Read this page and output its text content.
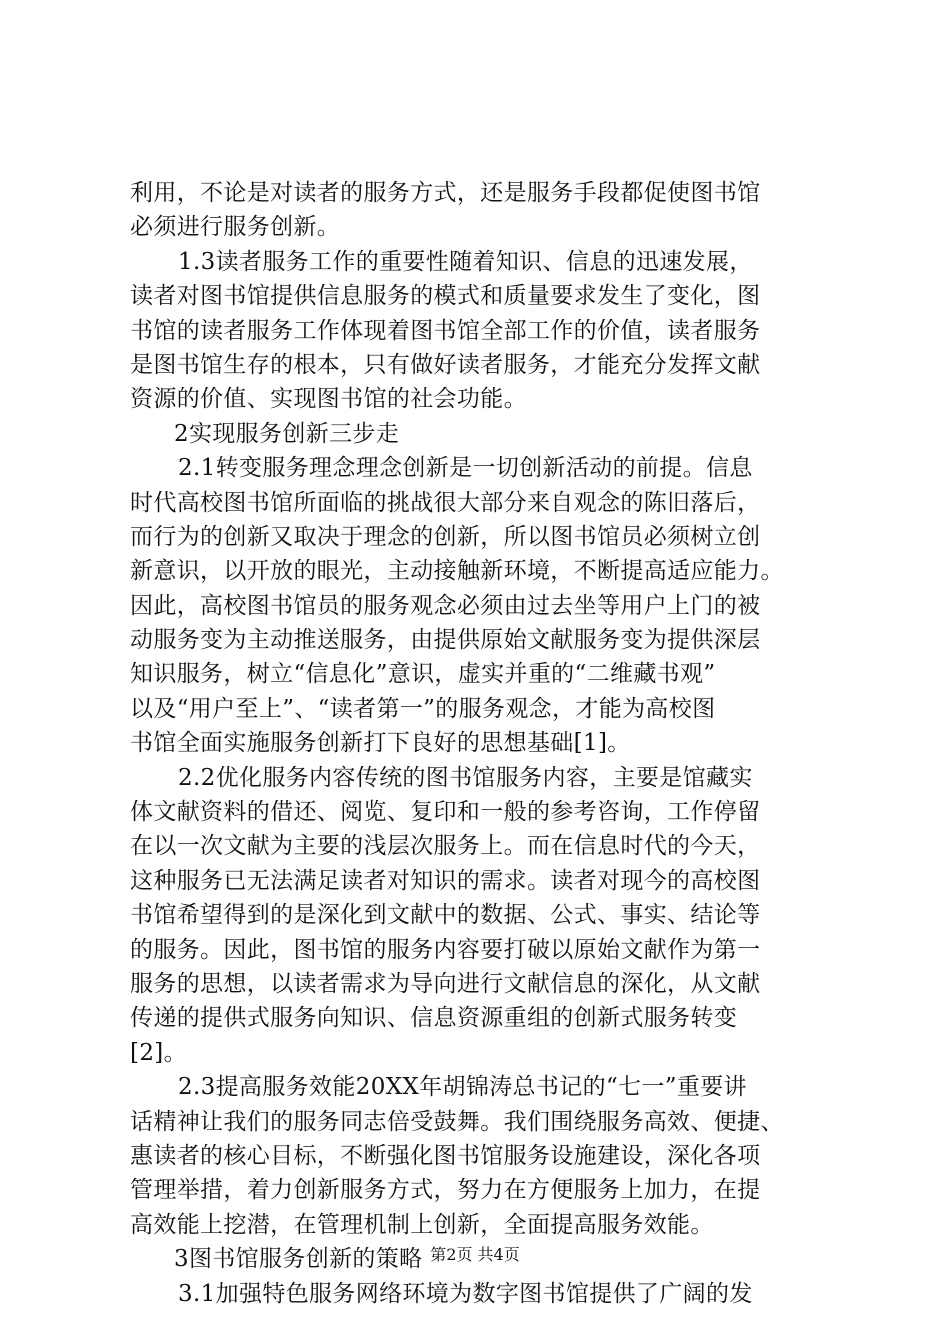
利用，不论是对读者的服务方式，还是服务手段都促使图书馆
必须进行服务创新。
1.3读者服务工作的重要性随着知识、信息的迅速发展，
读者对图书馆提供信息服务的模式和质量要求发生了变化，图
书馆的读者服务工作体现着图书馆全部工作的价值，读者服务
是图书馆生存的根本，只有做好读者服务，才能充分发挥文献
资源的价值、实现图书馆的社会功能。
2实现服务创新三步走
2.1转变服务理念理念创新是一切创新活动的前提。信息
时代高校图书馆所面临的挑战很大部分来自观念的陈旧落后，
而行为的创新又取决于理念的创新，所以图书馆员必须树立创
新意识，以开放的眼光，主动接触新环境，不断提高适应能力。
因此，高校图书馆员的服务观念必须由过去坐等用户上门的被
动服务变为主动推送服务，由提供原始文献服务变为提供深层
知识服务，树立“信息化”意识，虚实并重的“二维藏书观”
以及“用户至上”、“读者第一”的服务观念，才能为高校图
书馆全面实施服务创新打下良好的思想基础[1]。
2.2优化服务内容传统的图书馆服务内容，主要是馆藏实
体文献资料的借还、阅览、复印和一般的参考咨询，工作停留
在以一次文献为主要的浅层次服务上。而在信息时代的今天，
这种服务已无法满足读者对知识的需求。读者对现今的高校图
书馆希望得到的是深化到文献中的数据、公式、事实、结论等
的服务。因此，图书馆的服务内容要打破以原始文献作为第一
服务的思想，以读者需求为导向进行文献信息的深化，从文献
传递的提供式服务向知识、信息资源重组的创新式服务转变
[2]。
2.3提高服务效能20XX年胡锦涛总书记的“七一”重要讲
话精神让我们的服务同志倍受鼓舞。我们围绕服务高效、便捷、
惠读者的核心目标，不断强化图书馆服务设施建设，深化各项
管理举措，着力创新服务方式，努力在方便服务上加力，在提
高效能上挖潜，在管理机制上创新，全面提高服务效能。
3图书馆服务创新的策略
3.1加强特色服务网络环境为数字图书馆提供了广阔的发
第2页 共4页
